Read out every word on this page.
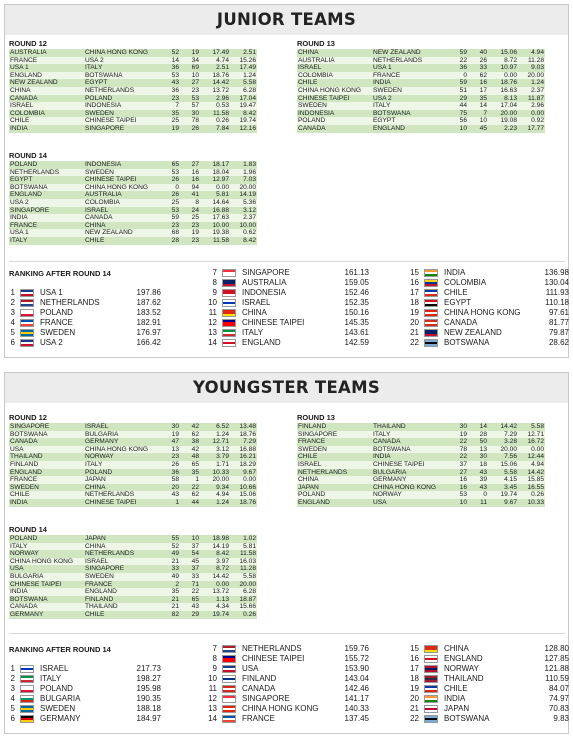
JUNIOR TEAMS
ROUND 12
AUSTRALIA	CHINA HONG KONG	52	19	17.49	2.51
FRANCE	USA 2	14	34	4.74	15.26
USA 1	ITALY	36	69	2.51	17.49
ENGLAND	BOTSWANA	53	10	18.76	1.24
NEW ZEALAND	EGYPT	43	27	14.42	5.58
CHINA	NETHERLANDS	36	23	13.72	6.28
CANADA	POLAND	23	53	2.96	17.04
ISRAEL	INDONESIA	7	57	0.53	19.47
COLOMBIA	SWEDEN	35	30	11.58	8.42
CHILE	CHINESE TAIPEI	25	78	0.26	19.74
INDIA	SINGAPORE	19	26	7.84	12.16
ROUND 13
CHINA	NEW ZEALAND	59	40	15.06	4.94
AUSTRALIA	NETHERLANDS	22	26	8.72	11.28
ISRAEL	USA 1	36	33	10.97	9.03
COLOMBIA	FRANCE	0	62	0.00	20.00
CHILE	INDIA	59	16	18.76	1.24
CHINA HONG KONG	SWEDEN	51	17	16.63	2.37
CHINESE TAIPEI	USA 2	29	35	8.13	11.87
SWEDEN	ITALY	44	14	17.04	2.96
INDONESIA	BOTSWANA	75	7	20.00	0.00
POLAND	EGYPT	56	10	19.08	0.92
CANADA	ENGLAND	10	45	2.23	17.77
ROUND 14
POLAND	INDONESIA	65	27	18.17	1.83
NETHERLANDS	SWEDEN	53	16	18.04	1.96
EGYPT	CHINESE TAIPEI	26	16	12.97	7.03
BOTSWANA	CHINA HONG KONG	0	94	0.00	20.00
ENGLAND	AUSTRALIA	26	41	5.81	14.19
USA 2	COLOMBIA	25	8	14.64	5.36
SINGAPORE	ISRAEL	53	24	16.88	3.12
INDIA	CANADA	59	25	17.63	2.37
FRANCE	CHINA	23	23	10.00	10.00
USA 1	NEW ZEALAND	68	19	19.38	0.62
ITALY	CHILE	28	23	11.58	8.42
RANKING AFTER ROUND 14
1	USA 1	197.86
2	NETHERLANDS	187.62
3	POLAND	183.52
4	FRANCE	182.91
5	SWEDEN	176.97
6	USA 2	166.42
7	SINGAPORE	161.13
8	AUSTRALIA	159.05
9	INDONESIA	152.46
10	ISRAEL	152.35
11	CHINA	150.16
12	CHINESE TAIPEI	145.35
13	ITALY	143.61
14	ENGLAND	142.59
15	INDIA	136.98
16	COLOMBIA	130.04
17	CHILE	111.93
18	EGYPT	110.18
19	CHINA HONG KONG	97.61
20	CANADA	81.77
21	NEW ZEALAND	79.87
22	BOTSWANA	28.62
YOUNGSTER TEAMS
ROUND 12
SINGAPORE	ISRAEL	30	42	6.52	13.48
BOTSWANA	BULGARIA	19	62	1.24	18.76
CANADA	GERMANY	47	38	12.71	7.29
USA	CHINA HONG KONG	13	42	3.12	16.88
THAILAND	NORWAY	23	48	3.79	16.21
FINLAND	ITALY	26	65	1.71	18.29
ENGLAND	POLAND	36	35	10.33	9.67
FRANCE	JAPAN	58	1	20.00	0.00
SWEDEN	CHINA	20	22	9.34	10.66
CHILE	NETHERLANDS	43	62	4.94	15.06
INDIA	CHINESE TAIPEI	1	44	1.24	18.76
ROUND 13
FINLAND	THAILAND	30	14	14.42	5.58
SINGAPORE	ITALY	19	28	7.29	12.71
FRANCE	CANADA	22	50	3.28	16.72
SWEDEN	BOTSWANA	78	13	20.00	0.00
CHILE	INDIA	22	30	7.56	12.44
ISRAEL	CHINESE TAIPEI	37	18	15.06	4.94
NETHERLANDS	BULGARIA	27	43	5.58	14.42
CHINA	GERMANY	16	39	4.15	15.85
JAPAN	CHINA HONG KONG	16	43	3.45	16.55
POLAND	NORWAY	53	0	19.74	0.26
ENGLAND	USA	10	11	9.67	10.33
ROUND 14
POLAND	JAPAN	55	10	18.98	1.02
ITALY	CHINA	52	37	14.19	5.81
NORWAY	NETHERLANDS	49	54	8.42	11.58
CHINA HONG KONG	ISRAEL	21	45	3.97	16.03
USA	SINGAPORE	33	37	8.72	11.28
BULGARIA	SWEDEN	49	33	14.42	5.58
CHINESE TAIPEI	FRANCE	2	71	0.00	20.00
INDIA	ENGLAND	35	22	13.72	6.28
BOTSWANA	FINLAND	21	65	1.13	18.87
CANADA	THAILAND	21	43	4.34	15.66
GERMANY	CHILE	82	29	19.74	0.26
RANKING AFTER ROUND 14
1	ISRAEL	217.73
2	ITALY	198.27
3	POLAND	195.98
4	BULGARIA	190.35
5	SWEDEN	188.18
6	GERMANY	184.97
7	NETHERLANDS	159.76
8	CHINESE TAIPEI	155.72
9	USA	153.90
10	FINLAND	143.04
11	CANADA	142.46
12	SINGAPORE	141.17
13	CHINA HONG KONG	140.33
14	FRANCE	137.45
15	CHINA	128.80
16	ENGLAND	127.85
17	NORWAY	121.88
18	THAILAND	110.59
19	CHILE	84.07
20	INDIA	74.97
21	JAPAN	70.83
22	BOTSWANA	9.83
